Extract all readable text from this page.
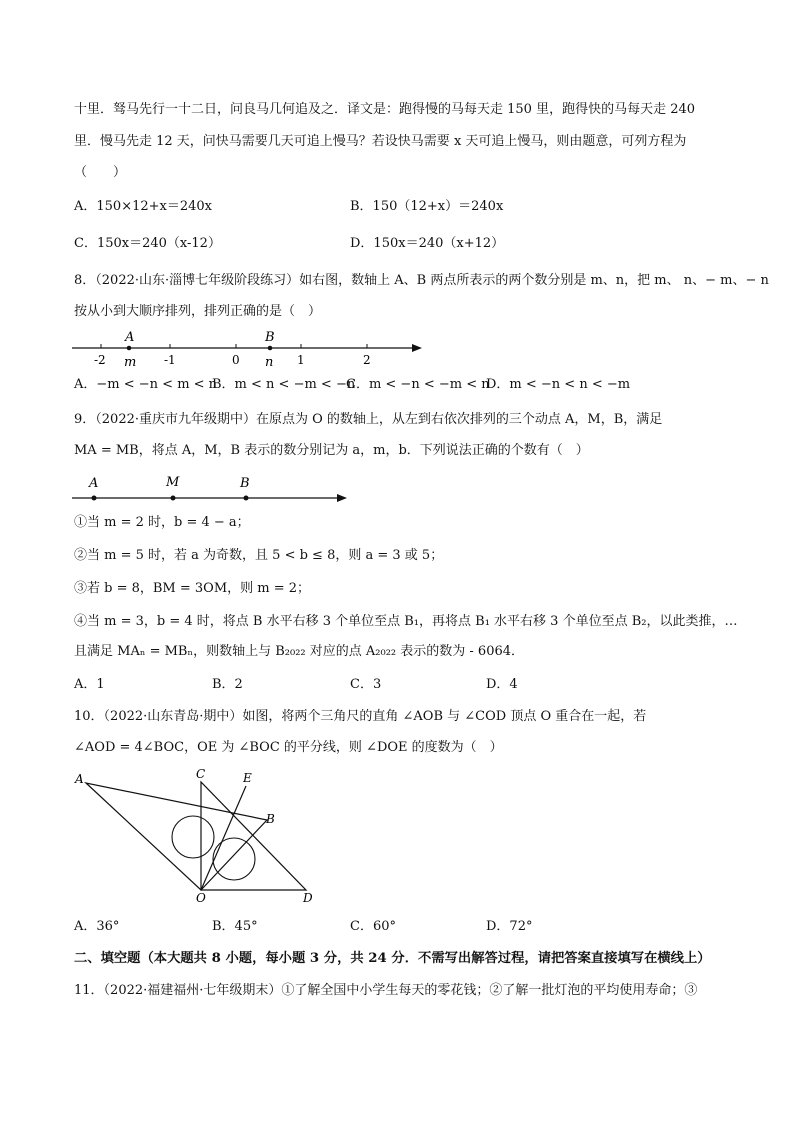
十里．驽马先行一十二日，问良马几何追及之．译文是：跑得慢的马每天走 150 里，跑得快的马每天走 240
里．慢马先走 12 天，问快马需要几天可追上慢马？若设快马需要 x 天可追上慢马，则由题意，可列方程为
（　　）
A．150×12+x＝240x	B．150（12+x）＝240x
C．150x＝240（x-12）	D．150x＝240（x+12）
8．（2022·山东·淄博七年级阶段练习）如右图，数轴上 A、B 两点所表示的两个数分别是 m、n，把 m、 n、− m、− n
按从小到大顺序排列，排列正确的是（　）
A	B
-2 m -1	0 n 1	2
A．−m < −n < m < n
B．m < n < −m < −n
C．m < −n < −m < n
D．m < −n < n < −m
9．（2022·重庆市九年级期中）在原点为 O 的数轴上，从左到右依次排列的三个动点 A，M，B，满足
MA = MB，将点 A，M，B 表示的数分别记为 a，m，b．下列说法正确的个数有（　）
A	M	B
①当 m = 2 时，b = 4 − a；
②当 m = 5 时，若 a 为奇数，且 5 < b ≤ 8，则 a = 3 或 5；
③若 b = 8，BM = 3OM，则 m = 2；
④当 m = 3，b = 4 时，将点 B 水平右移 3 个单位至点 B₁，再将点 B₁ 水平右移 3 个单位至点 B₂，以此类推，…
且满足 MAₙ = MBₙ，则数轴上与 B₂₀₂₂ 对应的点 A₂₀₂₂ 表示的数为 - 6064．
A．1	B．2	C．3	D．4
10．（2022·山东青岛·期中）如图，将两个三角尺的直角 ∠AOB 与 ∠COD 顶点 O 重合在一起，若
∠AOD = 4∠BOC，OE 为 ∠BOC 的平分线，则 ∠DOE 的度数为（　）
A	C	E
B
O	D
A．36°	B．45°	C．60°	D．72°
二、填空题（本大题共 8 小题，每小题 3 分，共 24 分．不需写出解答过程，请把答案直接填写在横线上）
11．（2022·福建福州·七年级期末）①了解全国中小学生每天的零花钱；②了解一批灯泡的平均使用寿命；③
